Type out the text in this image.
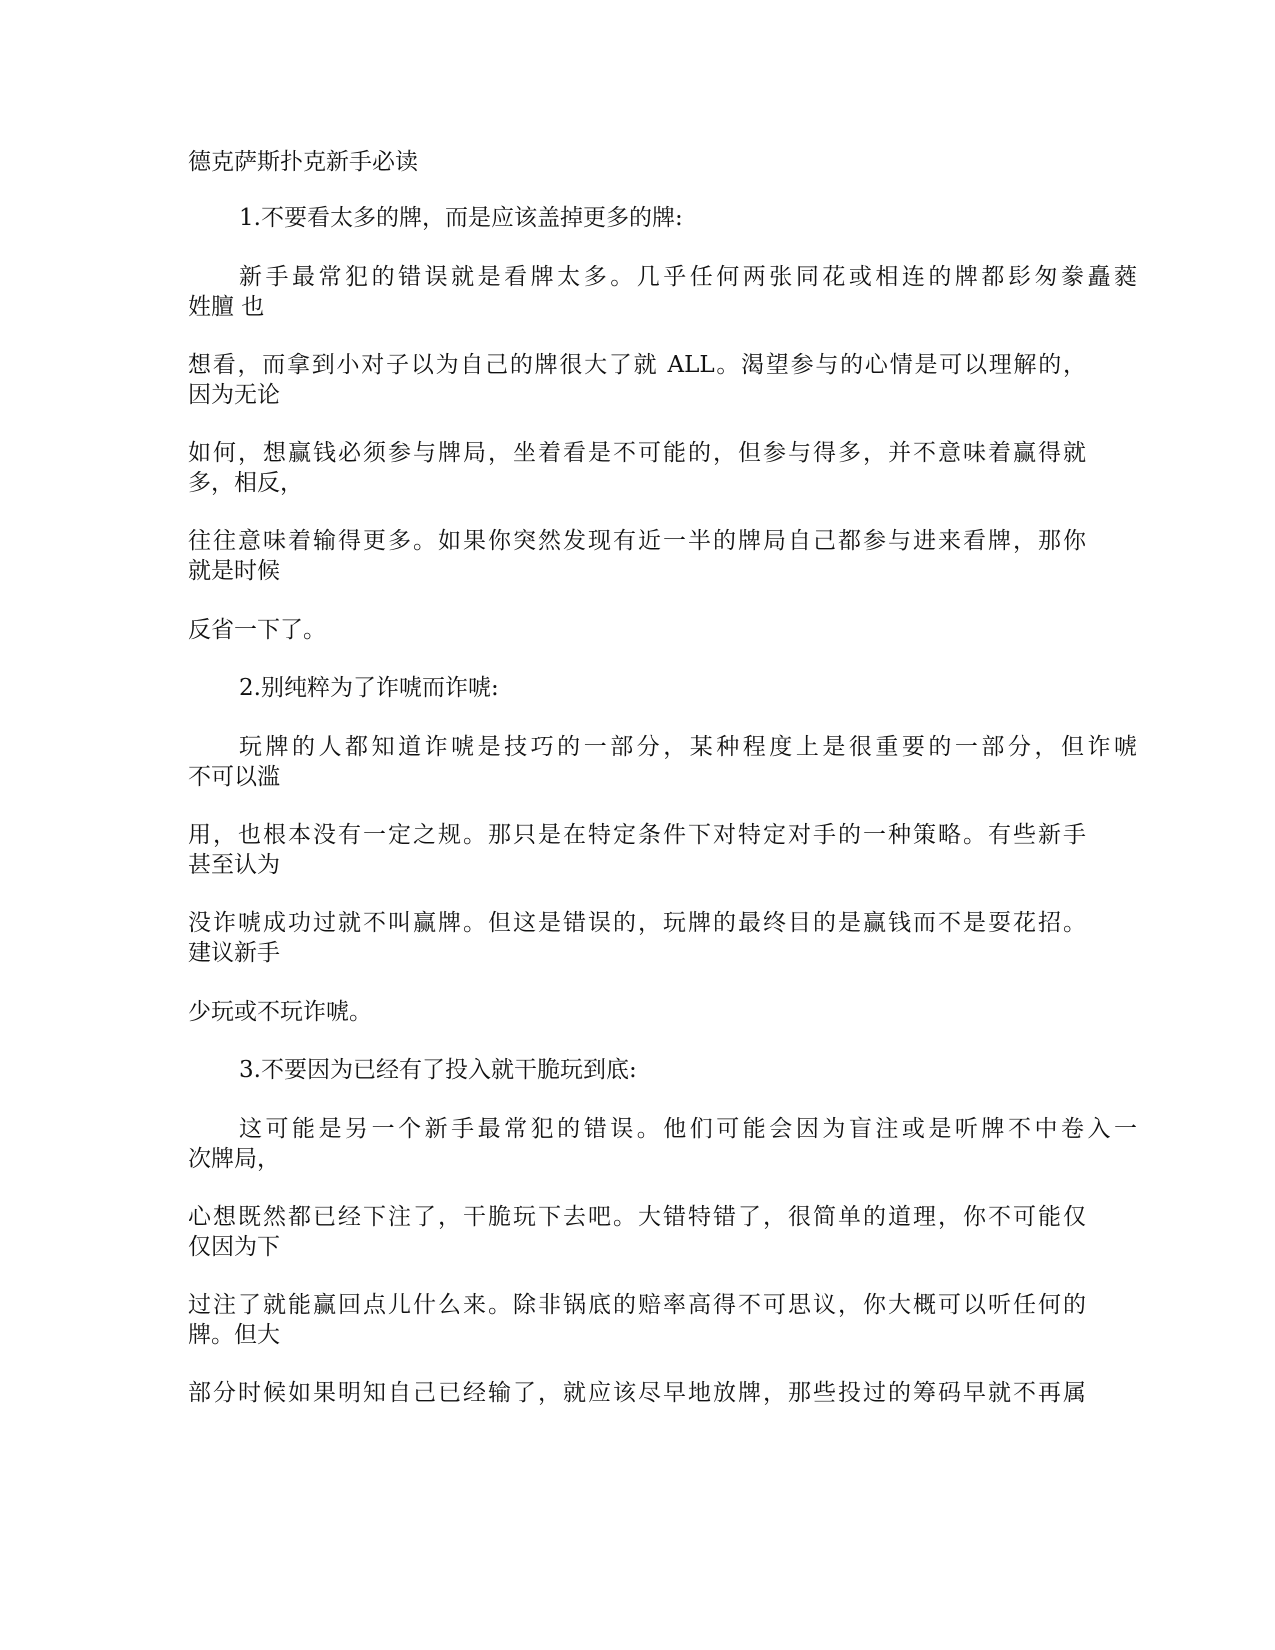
德克萨斯扑克新手必读
1.不要看太多的牌，而是应该盖掉更多的牌:
新手最常犯的错误就是看牌太多。几乎任何两张同花或相连的牌都髟匆豢矗蕤
姓膻 也
想看，而拿到小对子以为自己的牌很大了就 ALL。渴望参与的心情是可以理解的，
因为无论
如何，想赢钱必须参与牌局，坐着看是不可能的，但参与得多，并不意味着赢得就
多，相反，
往往意味着输得更多。如果你突然发现有近一半的牌局自己都参与进来看牌，那你
就是时候
反省一下了。
2.别纯粹为了诈唬而诈唬:
玩牌的人都知道诈唬是技巧的一部分，某种程度上是很重要的一部分，但诈唬
不可以滥
用，也根本没有一定之规。那只是在特定条件下对特定对手的一种策略。有些新手
甚至认为
没诈唬成功过就不叫赢牌。但这是错误的，玩牌的最终目的是赢钱而不是耍花招。
建议新手
少玩或不玩诈唬。
3.不要因为已经有了投入就干脆玩到底:
这可能是另一个新手最常犯的错误。他们可能会因为盲注或是听牌不中卷入一
次牌局，
心想既然都已经下注了，干脆玩下去吧。大错特错了，很简单的道理，你不可能仅
仅因为下
过注了就能赢回点儿什么来。除非锅底的赔率高得不可思议，你大概可以听任何的
牌。但大
部分时候如果明知自己已经输了，就应该尽早地放牌，那些投过的筹码早就不再属
